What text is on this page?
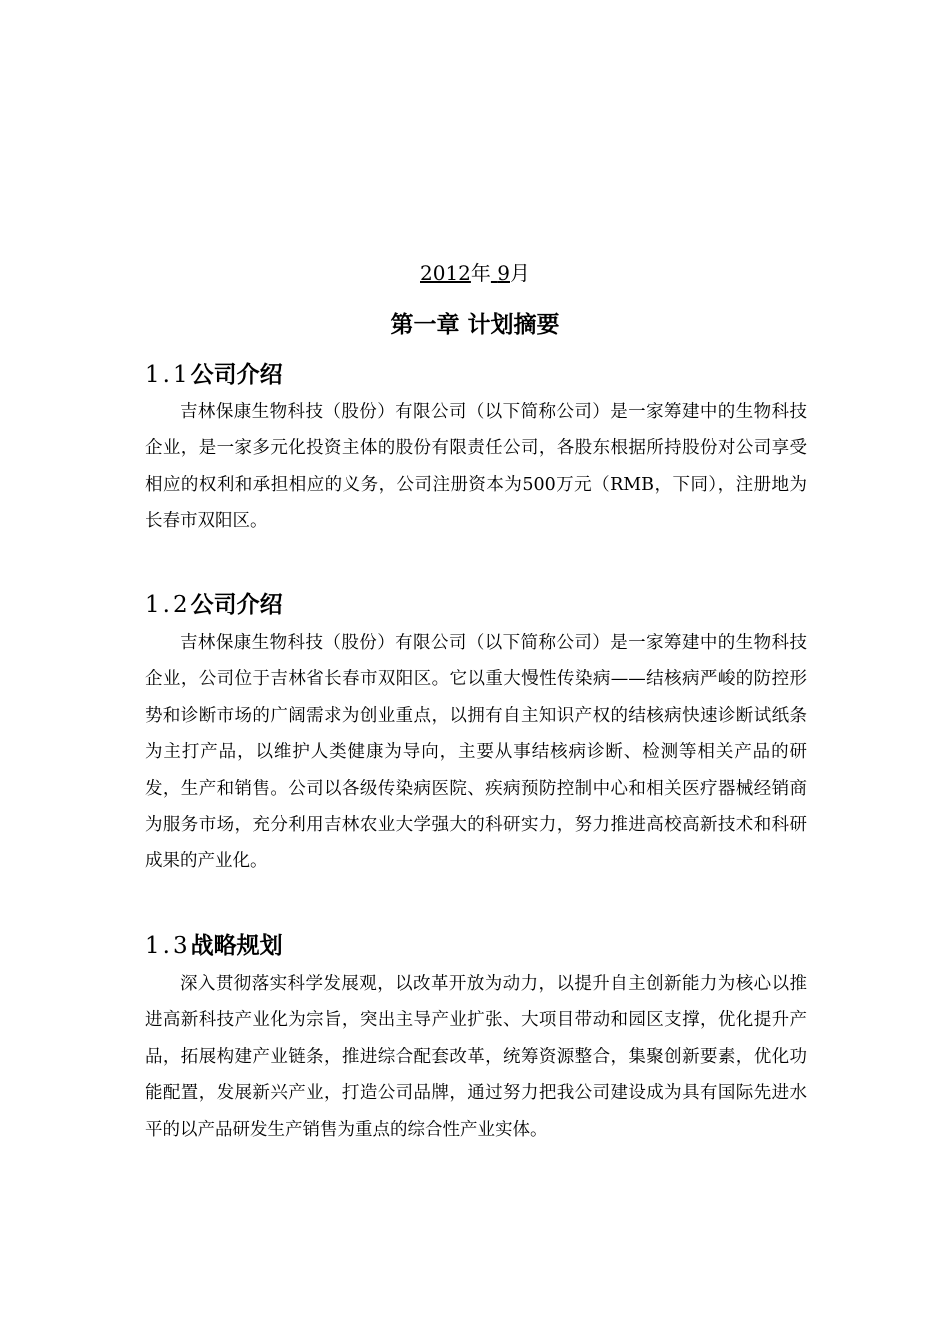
2012年 9月
第一章 计划摘要
1.1公司介绍

吉林保康生物科技（股份）有限公司（以下简称公司）是一家筹建中的生物科技企业，是一家多元化投资主体的股份有限责任公司，各股东根据所持股份对公司享受相应的权利和承担相应的义务，公司注册资本为500万元（RMB，下同），注册地为长春市双阳区。

1.2公司介绍

吉林保康生物科技（股份）有限公司（以下简称公司）是一家筹建中的生物科技企业，公司位于吉林省长春市双阳区。它以重大慢性传染病——结核病严峻的防控形势和诊断市场的广阔需求为创业重点，以拥有自主知识产权的结核病快速诊断试纸条为主打产品，以维护人类健康为导向，主要从事结核病诊断、检测等相关产品的研发，生产和销售。公司以各级传染病医院、疾病预防控制中心和相关医疗器械经销商为服务市场，充分利用吉林农业大学强大的科研实力，努力推进高校高新技术和科研成果的产业化。

1.3战略规划

深入贯彻落实科学发展观，以改革开放为动力，以提升自主创新能力为核心以推进高新科技产业化为宗旨，突出主导产业扩张、大项目带动和园区支撑，优化提升产品，拓展构建产业链条，推进综合配套改革，统筹资源整合，集聚创新要素，优化功能配置，发展新兴产业，打造公司品牌，通过努力把我公司建设成为具有国际先进水平的以产品研发生产销售为重点的综合性产业实体。
